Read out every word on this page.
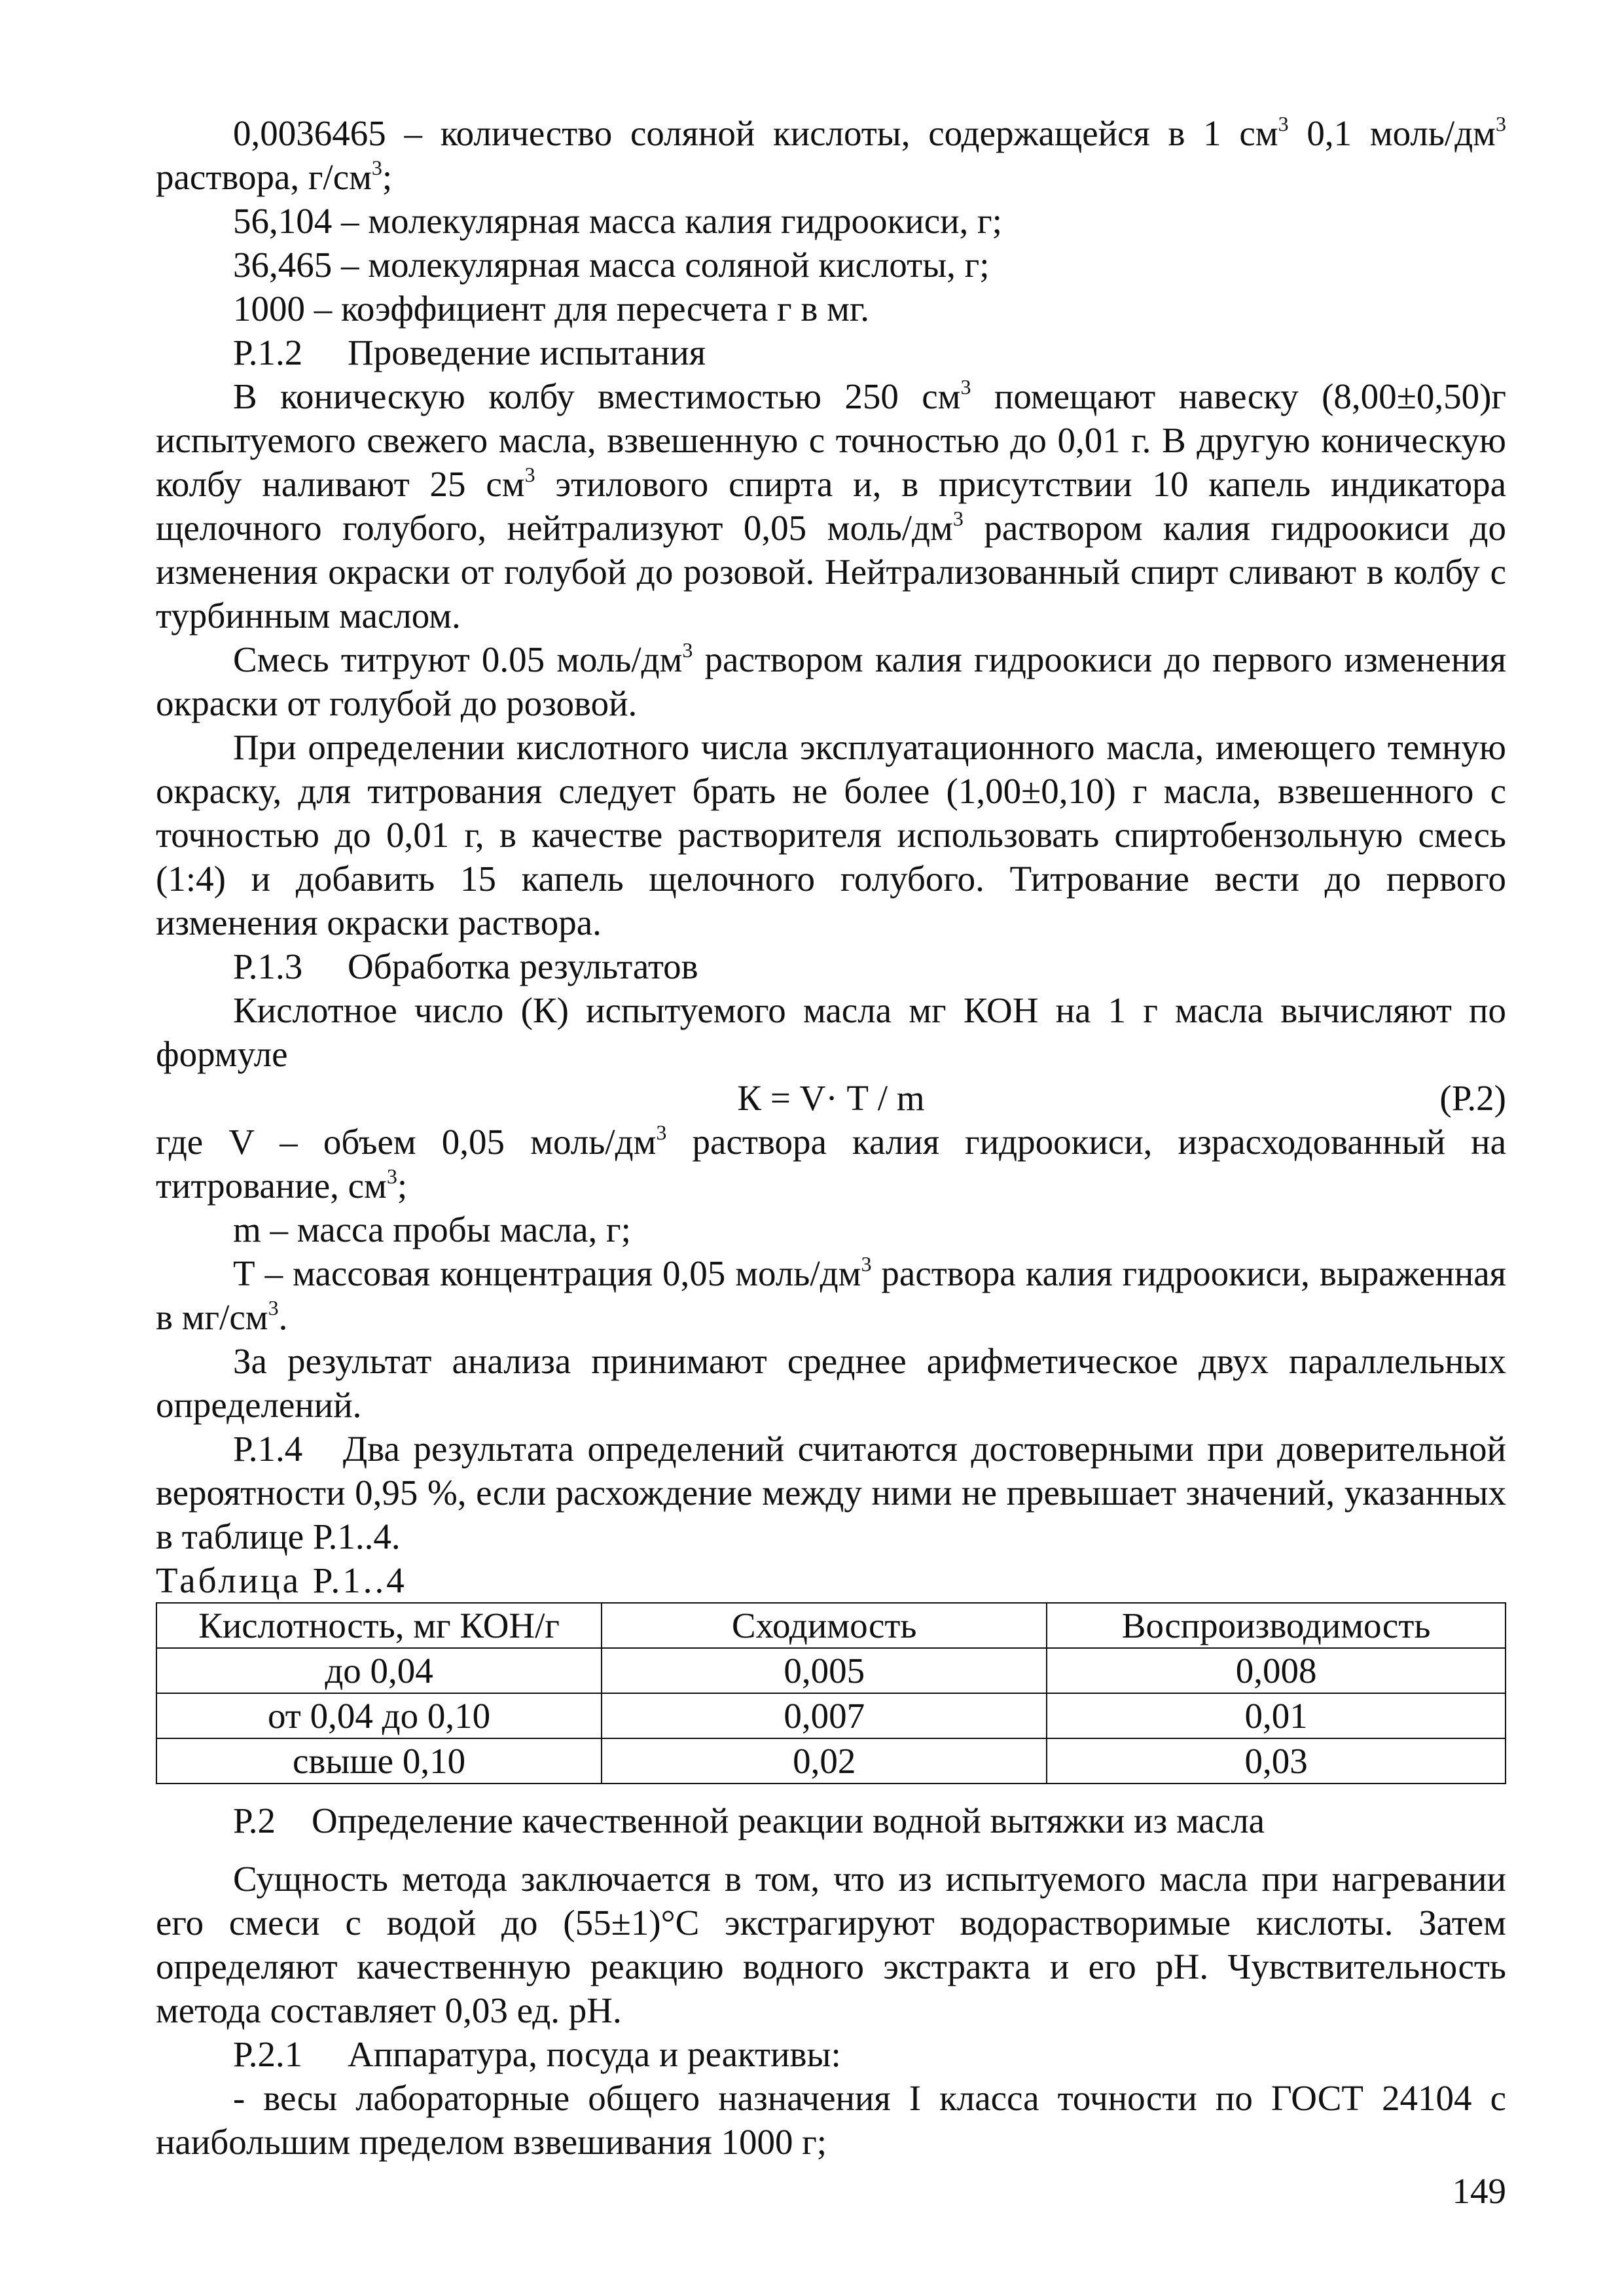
0,0036465 – количество соляной кислоты, содержащейся в 1 $см^3$ 0,1 моль/$дм^3$ раствора, $г/см^3$;

56,104 – молекулярная масса калия гидроокиси, г;

36,465 – молекулярная масса соляной кислоты, г;

1000 – коэффициент для пересчета г в мг.

Р.1.2 Проведение испытания

В коническую колбу вместимостью 250 $см^3$ помещают навеску (8,00±0,50)г испытуемого свежего масла, взвешенную с точностью до 0,01 г. В другую коническую колбу наливают 25 $см^3$ этилового спирта и, в присутствии 10 капель индикатора щелочного голубого, нейтрализуют 0,05 моль/$дм^3$ раствором калия гидроокиси до изменения окраски от голубой до розовой. Нейтрализованный спирт сливают в колбу с турбинным маслом.

Смесь титруют 0.05 моль/$дм^3$ раствором калия гидроокиси до первого изменения окраски от голубой до розовой.

При определении кислотного числа эксплуатационного масла, имеющего темную окраску, для титрования следует брать не более (1,00±0,10) г масла, взвешенного с точностью до 0,01 г, в качестве растворителя использовать спиртобензольную смесь (1:4) и добавить 15 капель щелочного голубого. Титрование вести до первого изменения окраски раствора.

Р.1.3 Обработка результатов

Кислотное число (К) испытуемого масла мг КОН на 1 г масла вычисляют по формуле

К = V· Т / m	(Р.2)

где V – объем 0,05 моль/$дм^3$ раствора калия гидроокиси, израсходованный на титрование, $см^3$;

m – масса пробы масла, г;

Т – массовая концентрация 0,05 моль/$дм^3$ раствора калия гидроокиси, выраженная в $мг/см^3$.

За результат анализа принимают среднее арифметическое двух параллельных определений.

Р.1.4 Два результата определений считаются достоверными при доверительной вероятности 0,95 %, если расхождение между ними не превышает значений, указанных в таблице Р.1..4.

Таблица Р.1..4

Кислотность, мг КОН/г	Сходимость	Воспроизводимость
до 0,04	0,005	0,008
от 0,04 до 0,10	0,007	0,01
свыше 0,10	0,02	0,03

Р.2 Определение качественной реакции водной вытяжки из масла

Сущность метода заключается в том, что из испытуемого масла при нагревании его смеси с водой до (55±1)°С экстрагируют водорастворимые кислоты. Затем определяют качественную реакцию водного экстракта и его рН. Чувствительность метода составляет 0,03 ед. рН.

Р.2.1 Аппаратура, посуда и реактивы:

- весы лабораторные общего назначения I класса точности по ГОСТ 24104 с наибольшим пределом взвешивания 1000 г;

149
